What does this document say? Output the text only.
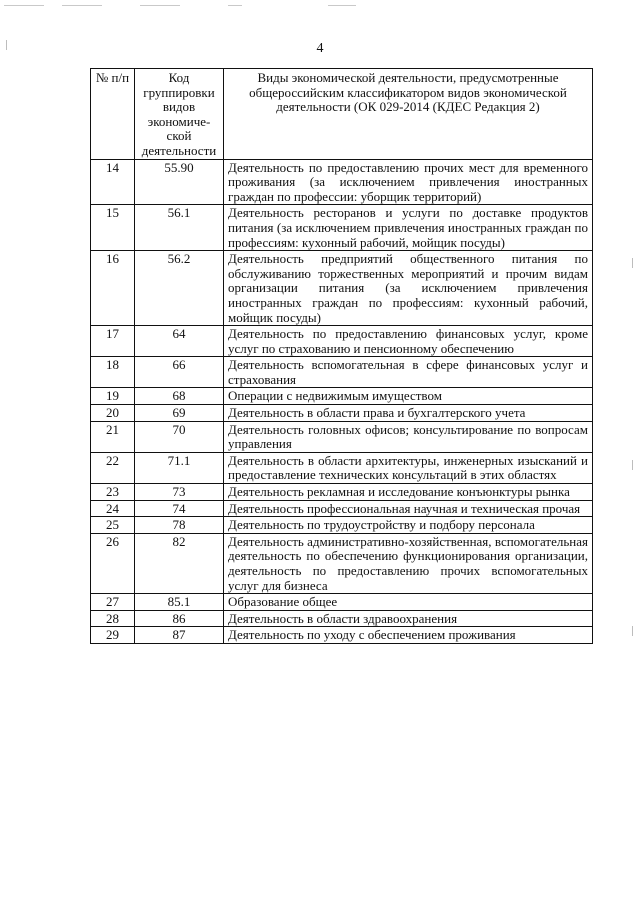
4
№ п/п	Код группировки видов экономиче-ской деятельности	Виды экономической деятельности, предусмотренные общероссийским классификатором видов экономической деятельности (ОК 029-2014 (КДЕС Редакция 2)
14	55.90	Деятельность по предоставлению прочих мест для временного проживания (за исключением привлечения иностранных граждан по профессии: уборщик территорий)
15	56.1	Деятельность ресторанов и услуги по доставке продуктов питания (за исключением привлечения иностранных граждан по профессиям: кухонный рабочий, мойщик посуды)
16	56.2	Деятельность предприятий общественного питания по обслуживанию торжественных мероприятий и прочим видам организации питания (за исключением привлечения иностранных граждан по профессиям: кухонный рабочий, мойщик посуды)
17	64	Деятельность по предоставлению финансовых услуг, кроме услуг по страхованию и пенсионному обеспечению
18	66	Деятельность вспомогательная в сфере финансовых услуг и страхования
19	68	Операции с недвижимым имуществом
20	69	Деятельность в области права и бухгалтерского учета
21	70	Деятельность головных офисов; консультирование по вопросам управления
22	71.1	Деятельность в области архитектуры, инженерных изысканий и предоставление технических консультаций в этих областях
23	73	Деятельность рекламная и исследование конъюнктуры рынка
24	74	Деятельность профессиональная научная и техническая прочая
25	78	Деятельность по трудоустройству и подбору персонала
26	82	Деятельность административно-хозяйственная, вспомогательная деятельность по обеспечению функционирования организации, деятельность по предоставлению прочих вспомогательных услуг для бизнеса
27	85.1	Образование общее
28	86	Деятельность в области здравоохранения
29	87	Деятельность по уходу с обеспечением проживания
